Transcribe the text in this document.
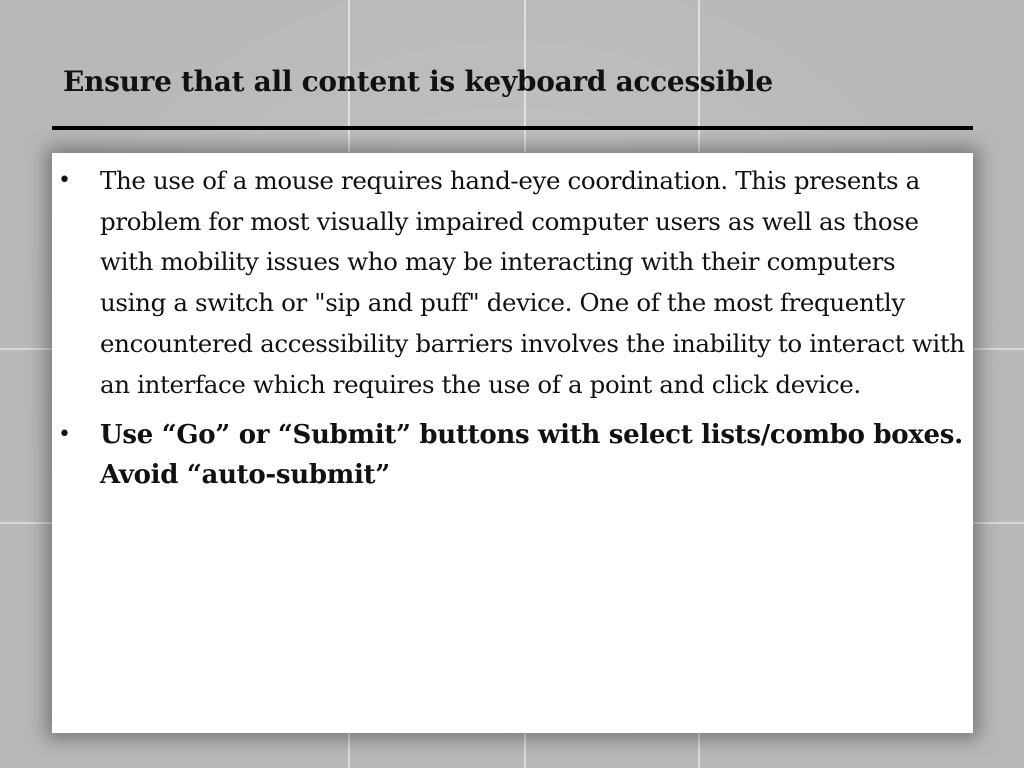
Ensure that all content is keyboard accessible
• The use of a mouse requires hand-eye coordination. This presents a problem for most visually impaired computer users as well as those with mobility issues who may be interacting with their computers using a switch or "sip and puff" device. One of the most frequently encountered accessibility barriers involves the inability to interact with an interface which requires the use of a point and click device.
• Use “Go” or “Submit” buttons with select lists/combo boxes. Avoid “auto-submit”
